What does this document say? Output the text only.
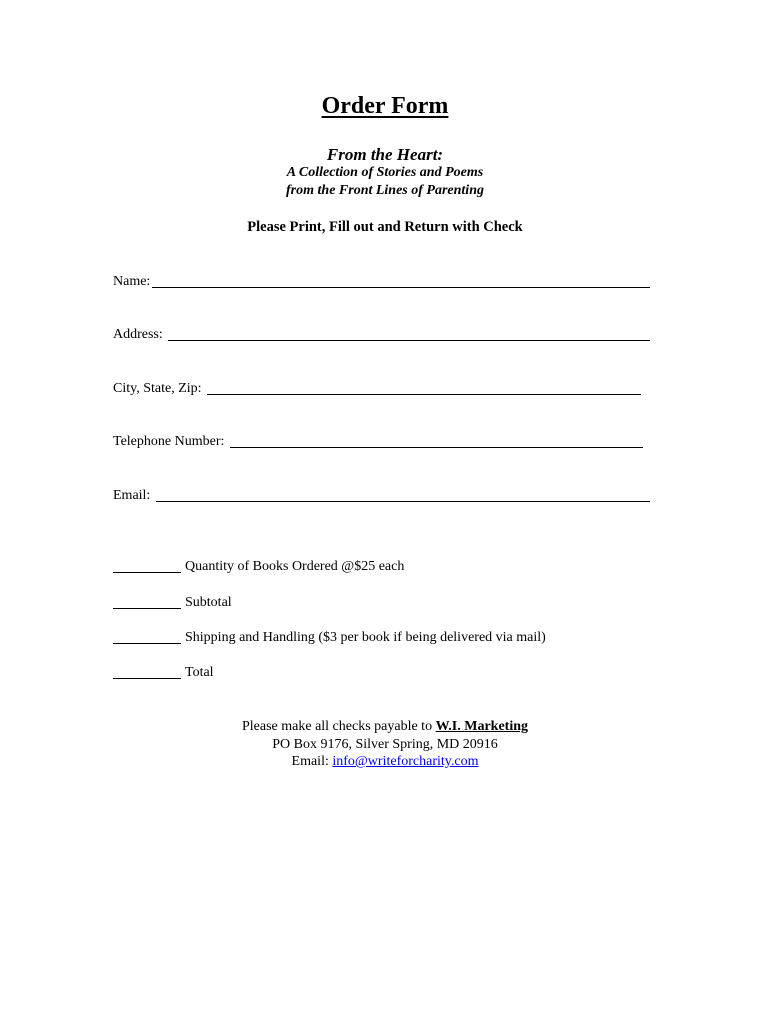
Order Form
From the Heart:
A Collection of Stories and Poems
from the Front Lines of Parenting
Please Print, Fill out and Return with Check
Name:
Address:
City, State, Zip:
Telephone Number:
Email:
Quantity of Books Ordered @$25 each
Subtotal
Shipping and Handling ($3 per book if being delivered via mail)
Total
Please make all checks payable to W.I. Marketing
PO Box 9176, Silver Spring, MD 20916
Email: info@writeforcharity.com
